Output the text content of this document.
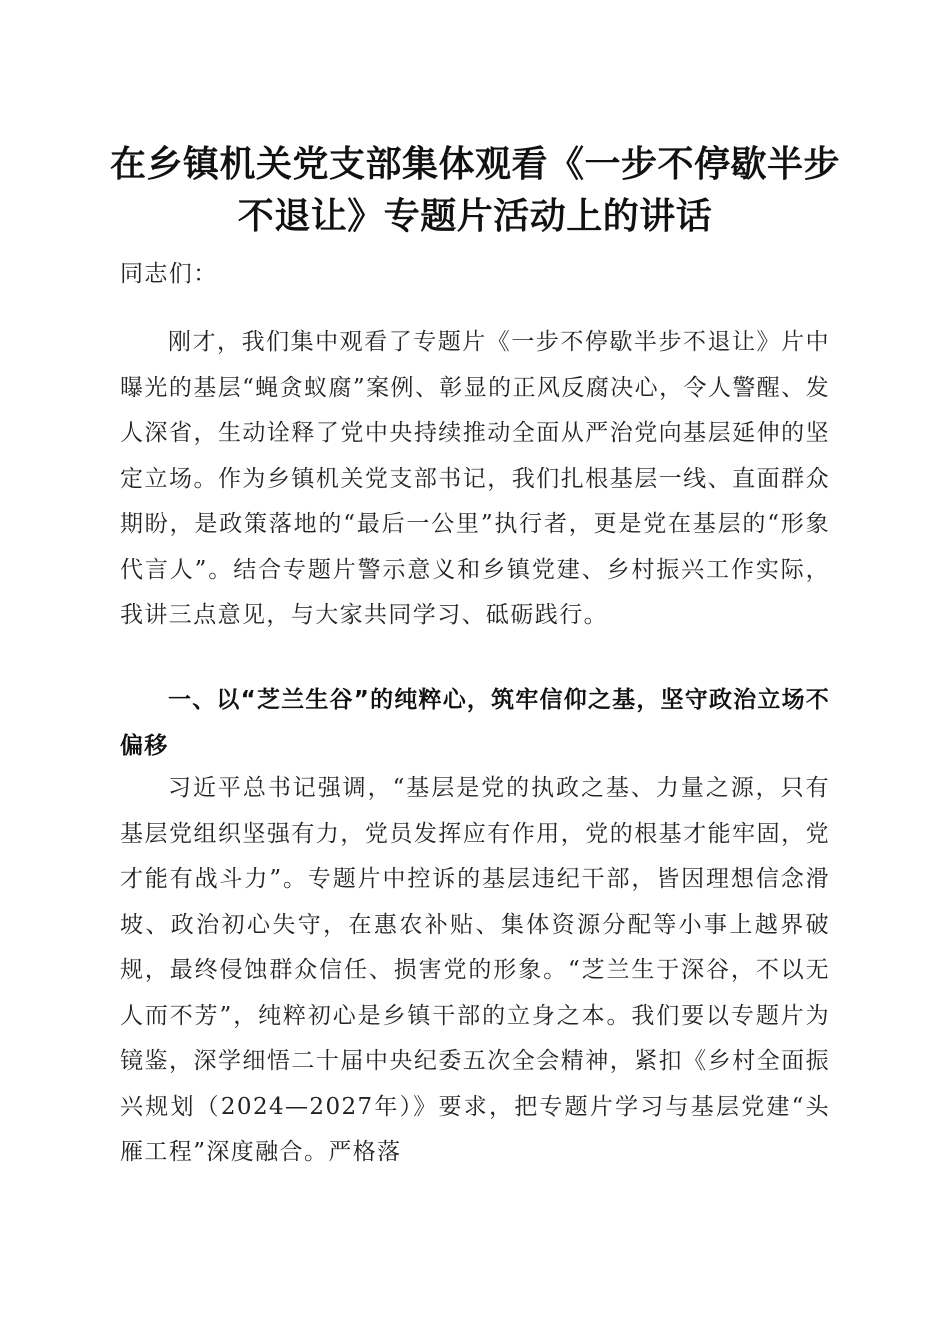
在乡镇机关党支部集体观看《一步不停歇半步
不退让》专题片活动上的讲话

同志们：

刚才，我们集中观看了专题片《一步不停歇半步不退让》片中曝光的基层“蝇贪蚁腐”案例、彰显的正风反腐决心，令人警醒、发人深省，生动诠释了党中央持续推动全面从严治党向基层延伸的坚定立场。作为乡镇机关党支部书记，我们扎根基层一线、直面群众期盼，是政策落地的“最后一公里”执行者，更是党在基层的“形象代言人”。结合专题片警示意义和乡镇党建、乡村振兴工作实际，我讲三点意见，与大家共同学习、砥砺践行。

一、以“芝兰生谷”的纯粹心，筑牢信仰之基，坚守政治立场不偏移

习近平总书记强调，“基层是党的执政之基、力量之源，只有基层党组织坚强有力，党员发挥应有作用，党的根基才能牢固，党才能有战斗力”。专题片中控诉的基层违纪干部，皆因理想信念滑坡、政治初心失守，在惠农补贴、集体资源分配等小事上越界破规，最终侵蚀群众信任、损害党的形象。“芝兰生于深谷，不以无人而不芳”，纯粹初心是乡镇干部的立身之本。我们要以专题片为镜鉴，深学细悟二十届中央纪委五次全会精神，紧扣《乡村全面振兴规划（2024—2027年）》要求，把专题片学习与基层党建“头雁工程”深度融合。严格落
